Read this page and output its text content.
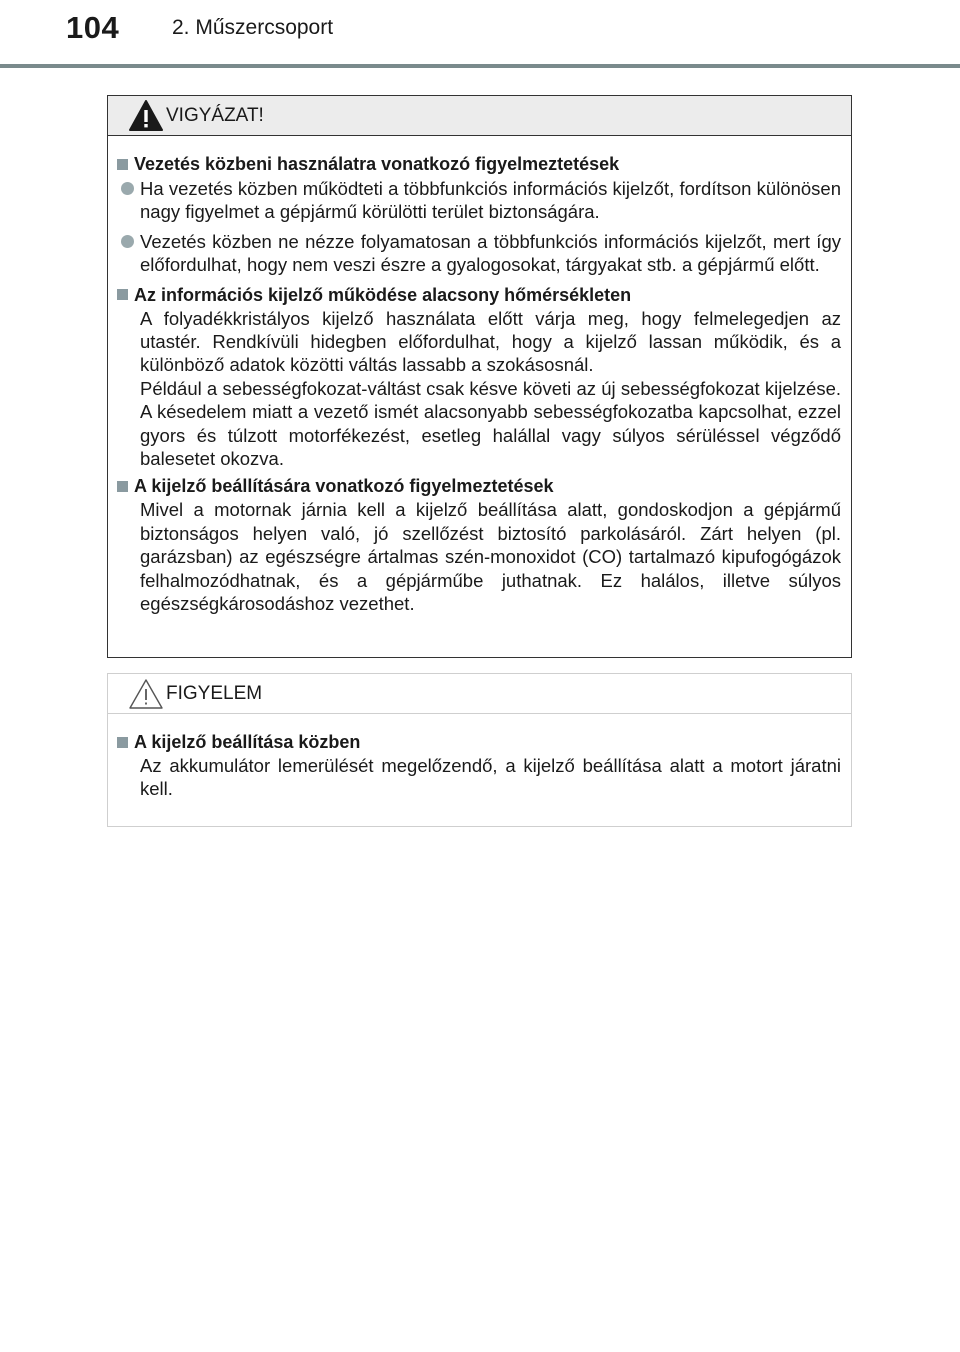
104	2. Műszercsoport
VIGYÁZAT!
Vezetés közbeni használatra vonatkozó figyelmeztetések
Ha vezetés közben működteti a többfunkciós információs kijelzőt, fordítson különösen nagy figyelmet a gépjármű körülötti terület biztonságára.
Vezetés közben ne nézze folyamatosan a többfunkciós információs kijelzőt, mert így előfordulhat, hogy nem veszi észre a gyalogosokat, tárgyakat stb. a gépjármű előtt.
Az információs kijelző működése alacsony hőmérsékleten

A folyadékkristályos kijelző használata előtt várja meg, hogy felmelegedjen az utastér. Rendkívüli hidegben előfordulhat, hogy a kijelző lassan működik, és a különböző adatok közötti váltás lassabb a szokásosnál.

Például a sebességfokozat-váltást csak késve követi az új sebességfokozat kijelzése. A késedelem miatt a vezető ismét alacsonyabb sebességfokozatba kapcsolhat, ezzel gyors és túlzott motorfékezést, esetleg halállal vagy súlyos sérüléssel végződő balesetet okozva.

A kijelző beállítására vonatkozó figyelmeztetések

Mivel a motornak járnia kell a kijelző beállítása alatt, gondoskodjon a gépjármű biztonságos helyen való, jó szellőzést biztosító parkolásáról. Zárt helyen (pl. garázsban) az egészségre ártalmas szén-monoxidot (CO) tartalmazó kipufogógázok felhalmozódhatnak, és a gépjárműbe juthatnak. Ez halálos, illetve súlyos egészségkárosodáshoz vezethet.

FIGYELEM
A kijelző beállítása közben

Az akkumulátor lemerülését megelőzendő, a kijelző beállítása alatt a motort járatni kell.
